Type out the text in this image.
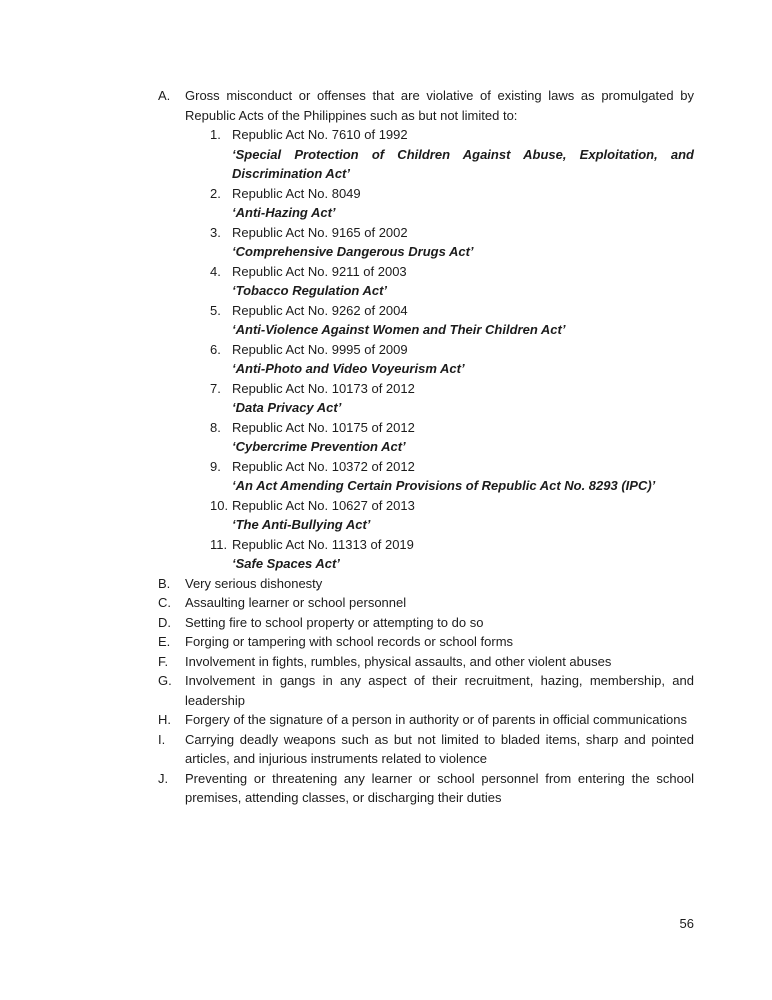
A.	Gross misconduct or offenses that are violative of existing laws as promulgated by Republic Acts of the Philippines such as but not limited to:
1. Republic Act No. 7610 of 1992
‘Special Protection of Children Against Abuse, Exploitation, and Discrimination Act’
2. Republic Act No. 8049
‘Anti-Hazing Act’
3. Republic Act No. 9165 of 2002
‘Comprehensive Dangerous Drugs Act’
4. Republic Act No. 9211 of 2003
‘Tobacco Regulation Act’
5. Republic Act No. 9262 of 2004
‘Anti-Violence Against Women and Their Children Act’
6. Republic Act No. 9995 of 2009
‘Anti-Photo and Video Voyeurism Act’
7. Republic Act No. 10173 of 2012
‘Data Privacy Act’
8. Republic Act No. 10175 of 2012
‘Cybercrime Prevention Act’
9. Republic Act No. 10372 of 2012
‘An Act Amending Certain Provisions of Republic Act No. 8293 (IPC)’
10. Republic Act No. 10627 of 2013
‘The Anti-Bullying Act’
11. Republic Act No. 11313 of 2019
‘Safe Spaces Act’
B.	Very serious dishonesty
C.	Assaulting learner or school personnel
D.	Setting fire to school property or attempting to do so
E.	Forging or tampering with school records or school forms
F.	Involvement in fights, rumbles, physical assaults, and other violent abuses
G.	Involvement in gangs in any aspect of their recruitment, hazing, membership, and leadership
H.	Forgery of the signature of a person in authority or of parents in official communications
I.	Carrying deadly weapons such as but not limited to bladed items, sharp and pointed articles, and injurious instruments related to violence
J.	Preventing or threatening any learner or school personnel from entering the school premises, attending classes, or discharging their duties
56
